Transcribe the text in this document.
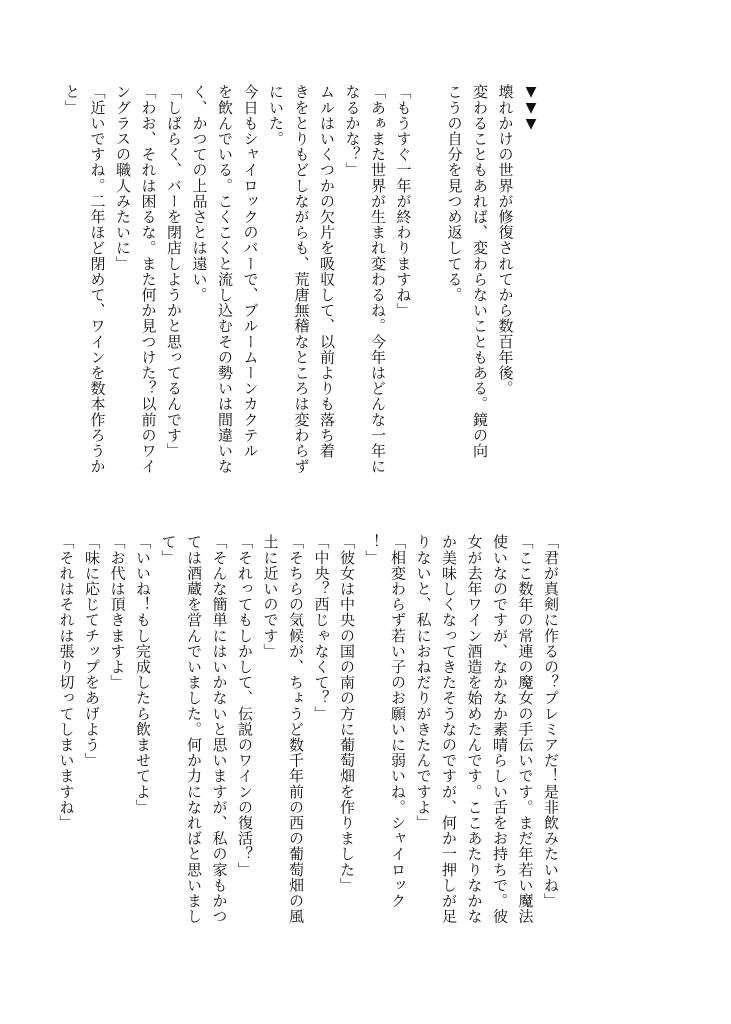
▼▼▼
壊れかけの世界が修復されてから数百年後。
変わることもあれば、変わらないこともある。鏡の向
こうの自分を見つめ返してる。
「もうすぐ一年が終わりますね」
「あぁまた世界が生まれ変わるね。今年はどんな一年に
なるかな？」
ムルはいくつかの欠片を吸収して、以前よりも落ち着
きをとりもどしながらも、荒唐無稽なところは変わらず
にいた。
今日もシャイロックのバーで、ブルームーンカクテル
を飲んでいる。こくこくと流し込むその勢いは間違いな
く、かつての上品さとは遠い。
「しばらく、バーを閉店しようかと思ってるんです」
「わお、それは困るな。また何か見つけた？以前のワイ
ングラスの職人みたいに」
「近いですね。二年ほど閉めて、ワインを数本作ろうか
と」
「君が真剣に作るの？プレミアだ！是非飲みたいね」
「ここ数年の常連の魔女の手伝いです。まだ年若い魔法
使いなのですが、なかなか素晴らしい舌をお持ちで。彼
女が去年ワイン酒造を始めたんです。ここあたりなかな
か美味しくなってきたそうなのですが、何か一押しが足
りないと、私におねだりがきたんですよ」
「相変わらず若い子のお願いに弱いね。シャイロック
！」
「彼女は中央の国の南の方に葡萄畑を作りました」
「中央？西じゃなくて？」
「そちらの気候が、ちょうど数千年前の西の葡萄畑の風
土に近いのです」
「それってもしかして、伝説のワインの復活？」
「そんな簡単にはいかないと思いますが、私の家もかつ
ては酒蔵を営んでいました。何か力になればと思いまし
て」
「いいね！もし完成したら飲ませてよ」
「お代は頂きますよ」
「味に応じてチップをあげよう」
「それはそれは張り切ってしまいますね」
